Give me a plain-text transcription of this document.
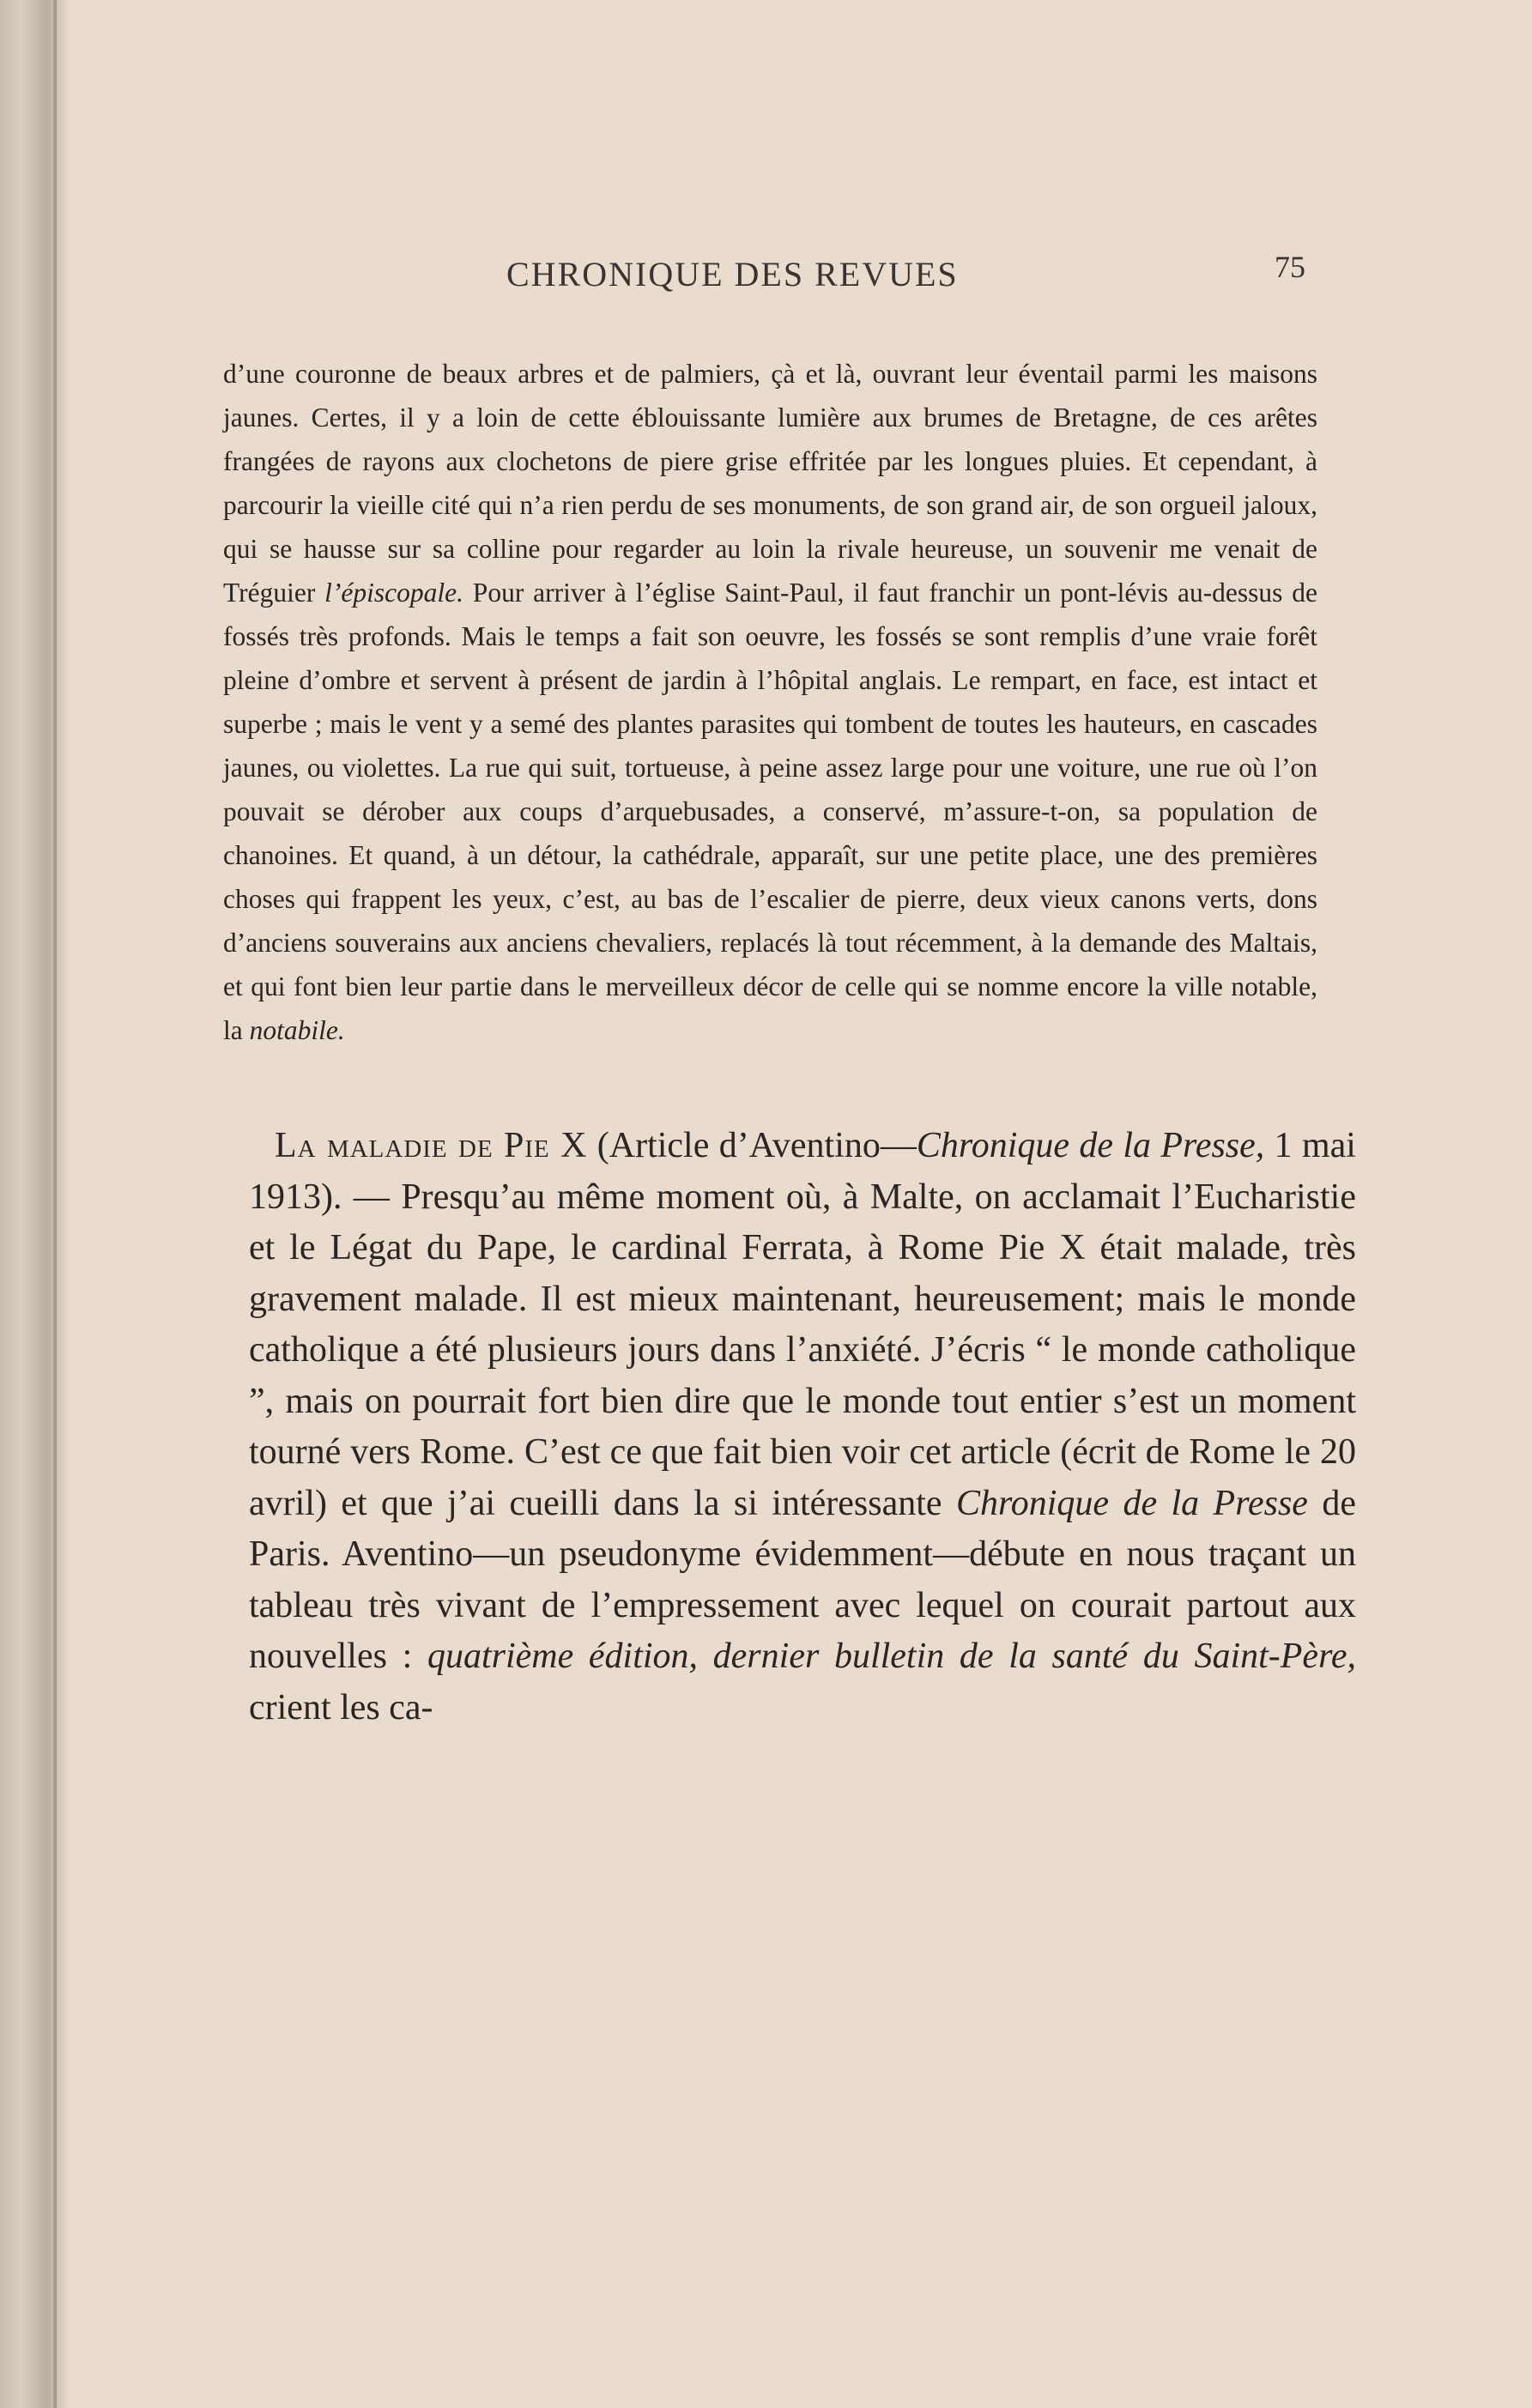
CHRONIQUE DES REVUES	75

d’une couronne de beaux arbres et de palmiers, çà et là, ouvrant leur éventail parmi les maisons jaunes. Certes, il y a loin de cette éblouissante lumière aux brumes de Bretagne, de ces arêtes frangées de rayons aux clochetons de piere grise effritée par les longues pluies. Et cependant, à parcourir la vieille cité qui n’a rien perdu de ses monuments, de son grand air, de son orgueil jaloux, qui se hausse sur sa colline pour regarder au loin la rivale heureuse, un souvenir me venait de Tréguier l’épiscopale. Pour arriver à l’église Saint-Paul, il faut franchir un pont-lévis au-dessus de fossés très profonds. Mais le temps a fait son oeuvre, les fossés se sont remplis d’une vraie forêt pleine d’ombre et servent à présent de jardin à l’hôpital anglais. Le rempart, en face, est intact et superbe ; mais le vent y a semé des plantes parasites qui tombent de toutes les hauteurs, en cascades jaunes, ou violettes. La rue qui suit, tortueuse, à peine assez large pour une voiture, une rue où l’on pouvait se dérober aux coups d’arquebusades, a conservé, m’assure-t-on, sa population de chanoines. Et quand, à un détour, la cathédrale, apparaît, sur une petite place, une des premières choses qui frappent les yeux, c’est, au bas de l’escalier de pierre, deux vieux canons verts, dons d’anciens souverains aux anciens chevaliers, replacés là tout récemment, à la demande des Maltais, et qui font bien leur partie dans le merveilleux décor de celle qui se nomme encore la ville notable, la notabile.

La maladie de Pie X (Article d’Aventino—Chronique de la Presse, 1 mai 1913). — Presqu’au même moment où, à Malte, on acclamait l’Eucharistie et le Légat du Pape, le cardinal Ferrata, à Rome Pie X était malade, très gravement malade. Il est mieux maintenant, heureusement; mais le monde catholique a été plusieurs jours dans l’anxiété. J’écris “ le monde catholique ”, mais on pourrait fort bien dire que le monde tout entier s’est un moment tourné vers Rome. C’est ce que fait bien voir cet article (écrit de Rome le 20 avril) et que j’ai cueilli dans la si intéressante Chronique de la Presse de Paris. Aventino—un pseudonyme évidemment—débute en nous traçant un tableau très vivant de l’empressement avec lequel on courait partout aux nouvelles : quatrième édition, dernier bulletin de la santé du Saint-Père, crient les ca-
